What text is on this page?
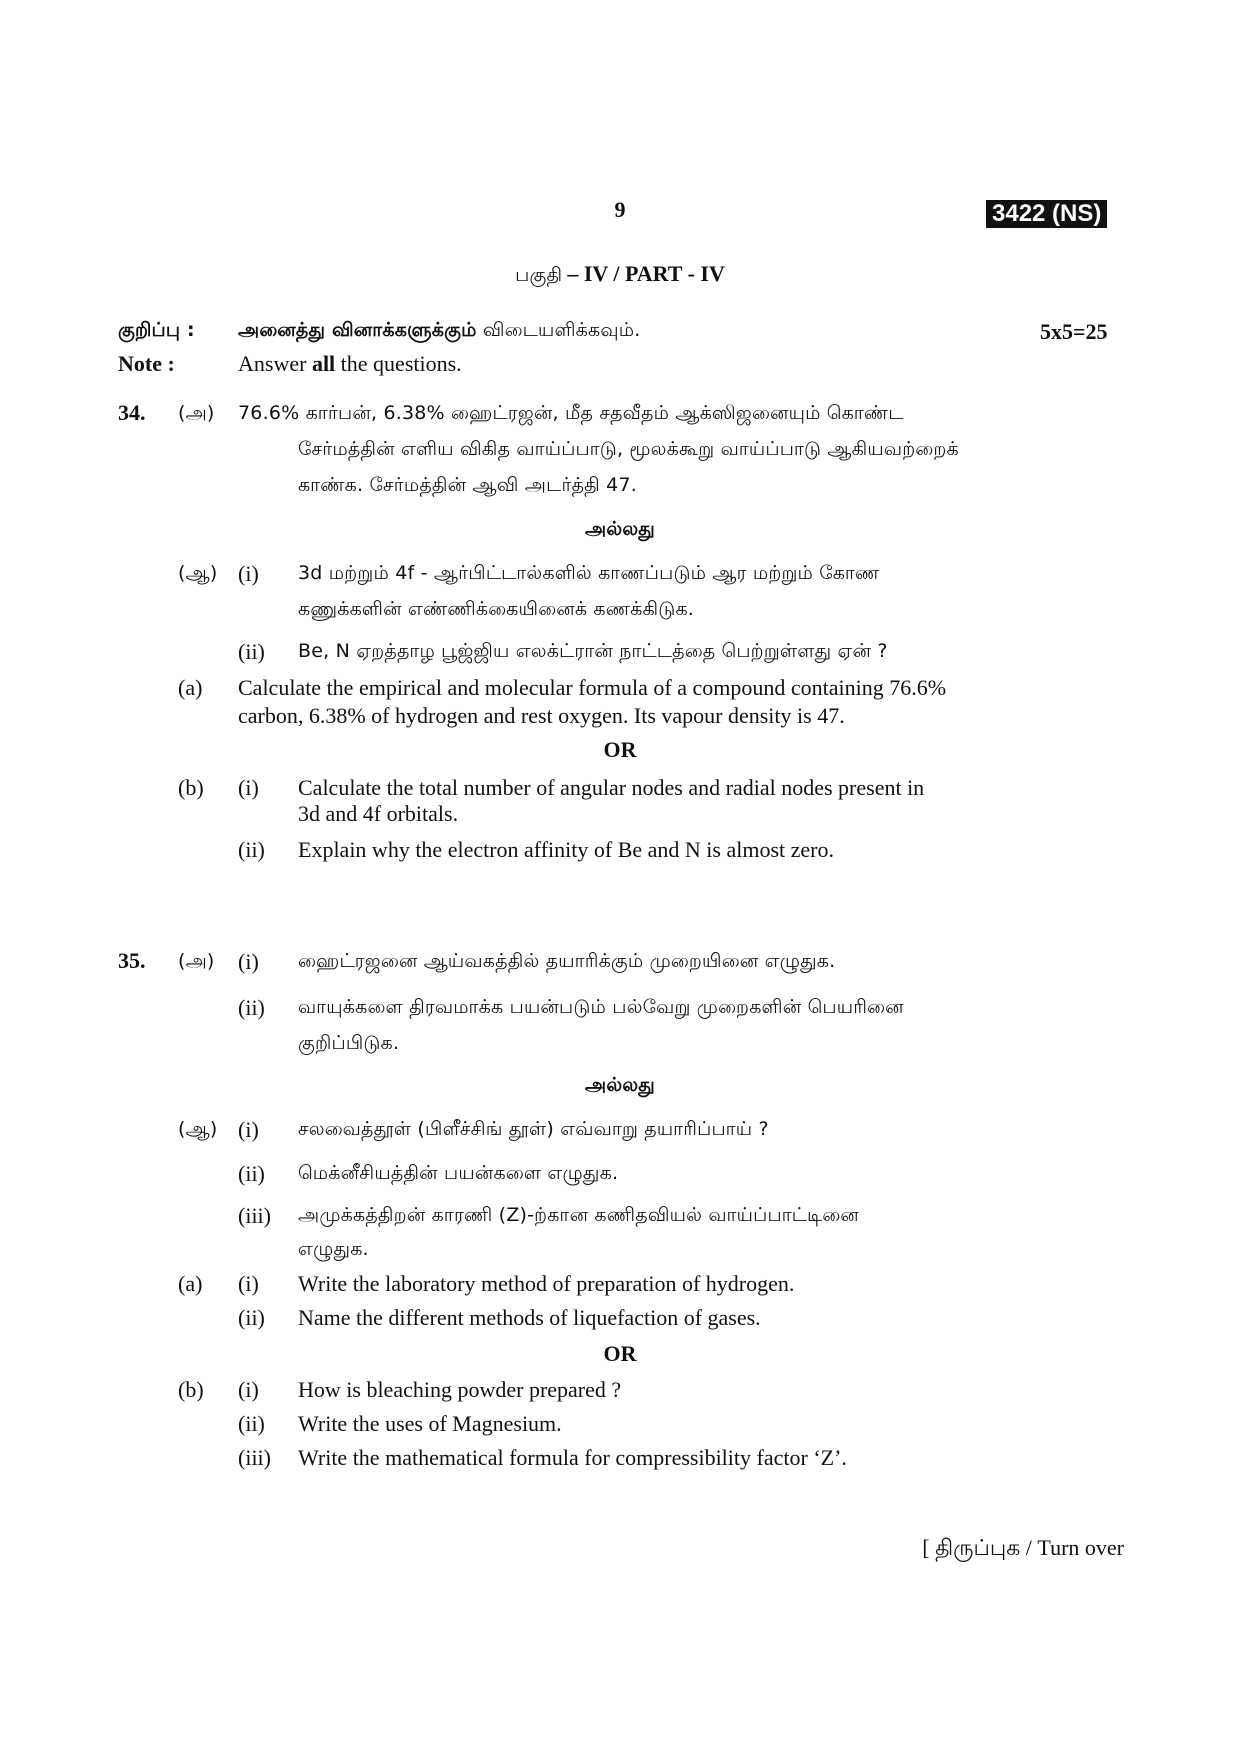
9	3422 (NS)
பகுதி – IV / PART - IV
குறிப்பு : அனைத்து வினாக்களுக்கும் விடையளிக்கவும்.	5x5=25
Note :	Answer all the questions.
34. (அ) 76.6% கார்பன், 6.38% ஹைட்ரஜன், மீத சதவீதம் ஆக்ஸிஜனையும் கொண்ட
சேர்மத்தின் எளிய விகித வாய்ப்பாடு, மூலக்கூறு வாய்ப்பாடு ஆகியவற்றைக்
காண்க. சேர்மத்தின் ஆவி அடர்த்தி 47.
அல்லது
(ஆ) (i) 3d மற்றும் 4f - ஆர்பிட்டால்களில் காணப்படும் ஆர மற்றும் கோண
கணுக்களின் எண்ணிக்கையினைக் கணக்கிடுக.
(ii) Be, N ஏறத்தாழ பூஜ்ஜிய எலக்ட்ரான் நாட்டத்தை பெற்றுள்ளது ஏன் ?
(a) Calculate the empirical and molecular formula of a compound containing 76.6%
carbon, 6.38% of hydrogen and rest oxygen. Its vapour density is 47.
OR
(b) (i) Calculate the total number of angular nodes and radial nodes present in
3d and 4f orbitals.
(ii) Explain why the electron affinity of Be and N is almost zero.
35. (அ) (i) ஹைட்ரஜனை ஆய்வகத்தில் தயாரிக்கும் முறையினை எழுதுக.
(ii) வாயுக்களை திரவமாக்க பயன்படும் பல்வேறு முறைகளின் பெயரினை
குறிப்பிடுக.
அல்லது
(ஆ) (i) சலவைத்தூள் (பிளீச்சிங் தூள்) எவ்வாறு தயாரிப்பாய் ?
(ii) மெக்னீசியத்தின் பயன்களை எழுதுக.
(iii) அமுக்கத்திறன் காரணி (Z)-ற்கான கணிதவியல் வாய்ப்பாட்டினை
எழுதுக.
(a) (i) Write the laboratory method of preparation of hydrogen.
(ii) Name the different methods of liquefaction of gases.
OR
(b) (i) How is bleaching powder prepared ?
(ii) Write the uses of Magnesium.
(iii) Write the mathematical formula for compressibility factor ‘Z’.
[ திருப்புக / Turn over
